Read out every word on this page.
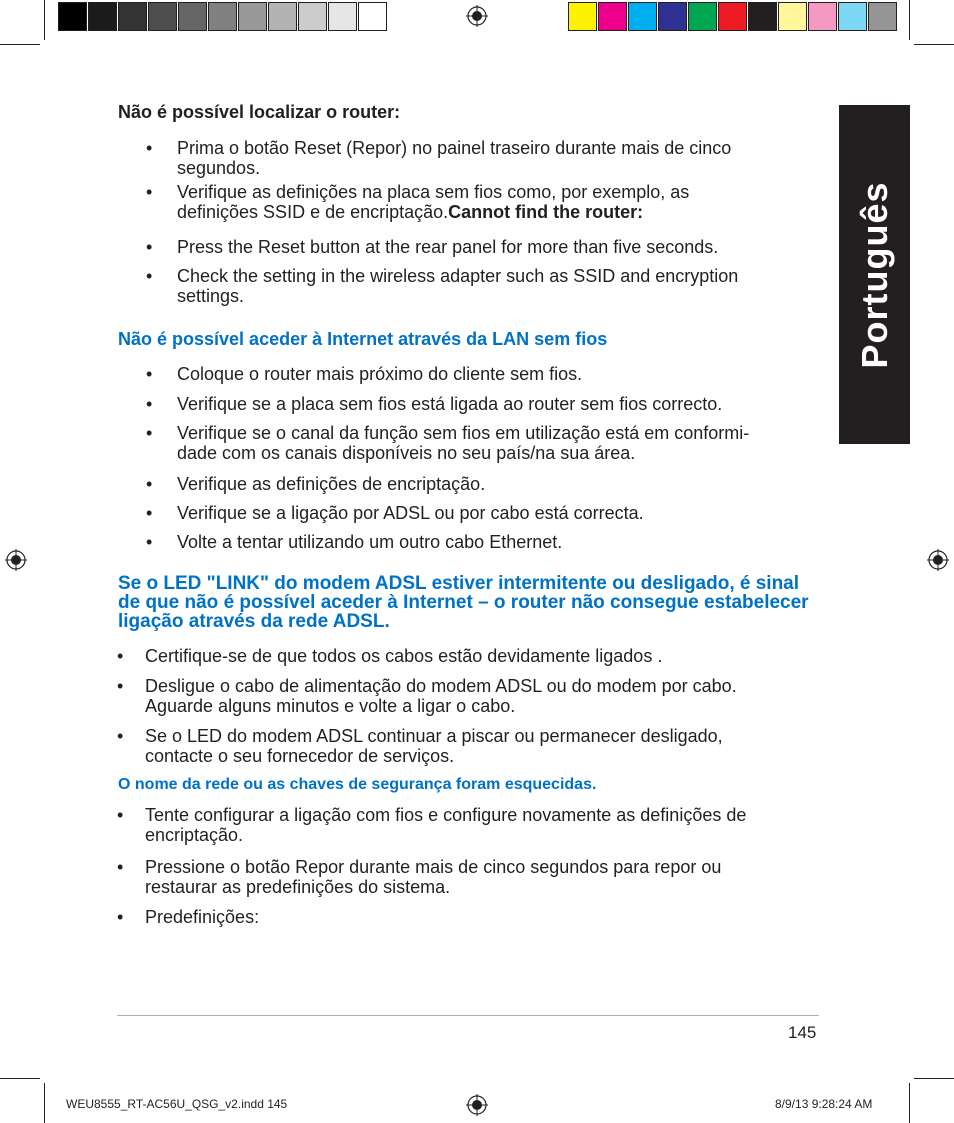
Português
Não é possível localizar o router:
• Prima o botão Reset (Repor) no painel traseiro durante mais de cinco
segundos.
• Verifique as definições na placa sem fios como, por exemplo, as
definições SSID e de encriptação.Cannot find the router:
• Press the Reset button at the rear panel for more than five seconds.
• Check the setting in the wireless adapter such as SSID and encryption
settings.
Não é possível aceder à Internet através da LAN sem fios
• Coloque o router mais próximo do cliente sem fios.
• Verifique se a placa sem fios está ligada ao router sem fios correcto.
• Verifique se o canal da função sem fios em utilização está em conformi-
dade com os canais disponíveis no seu país/na sua área.
• Verifique as definições de encriptação.
• Verifique se a ligação por ADSL ou por cabo está correcta.
• Volte a tentar utilizando um outro cabo Ethernet.
Se o LED "LINK" do modem ADSL estiver intermitente ou desligado, é sinal
de que não é possível aceder à Internet – o router não consegue estabelecer
ligação através da rede ADSL.
• Certifique-se de que todos os cabos estão devidamente ligados .
• Desligue o cabo de alimentação do modem ADSL ou do modem por cabo.
Aguarde alguns minutos e volte a ligar o cabo.
• Se o LED do modem ADSL continuar a piscar ou permanecer desligado,
contacte o seu fornecedor de serviços.
O nome da rede ou as chaves de segurança foram esquecidas.
• Tente configurar a ligação com fios e configure novamente as definições de
encriptação.
• Pressione o botão Repor durante mais de cinco segundos para repor ou
restaurar as predefinições do sistema.
• Predefinições:
145
WEU8555_RT-AC56U_QSG_v2.indd 145	8/9/13 9:28:24 AM
